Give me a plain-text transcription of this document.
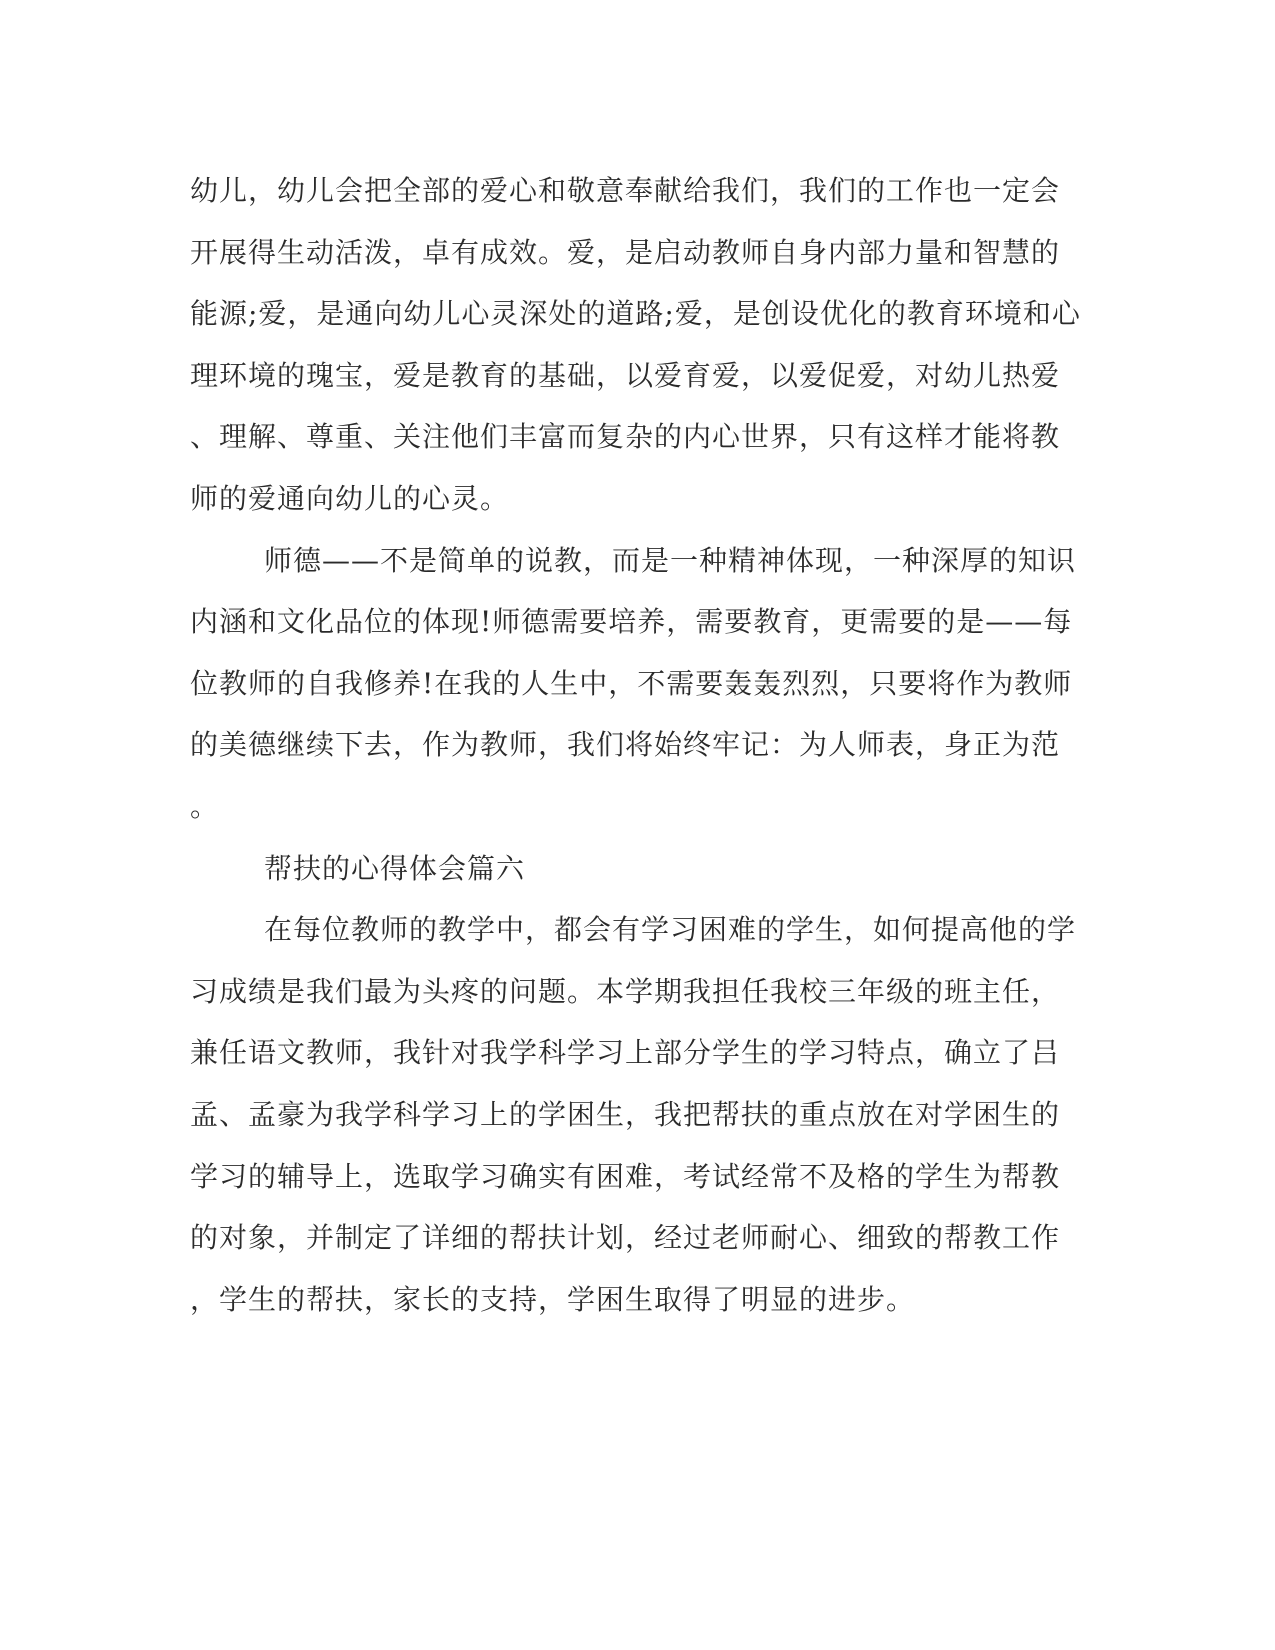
幼儿，幼儿会把全部的爱心和敬意奉献给我们，我们的工作也一定会
开展得生动活泼，卓有成效。爱，是启动教师自身内部力量和智慧的
能源;爱，是通向幼儿心灵深处的道路;爱，是创设优化的教育环境和心
理环境的瑰宝，爱是教育的基础，以爱育爱，以爱促爱，对幼儿热爱
、理解、尊重、关注他们丰富而复杂的内心世界，只有这样才能将教
师的爱通向幼儿的心灵。
师德——不是简单的说教，而是一种精神体现，一种深厚的知识
内涵和文化品位的体现!师德需要培养，需要教育，更需要的是——每
位教师的自我修养!在我的人生中，不需要轰轰烈烈，只要将作为教师
的美德继续下去，作为教师，我们将始终牢记：为人师表，身正为范
。
帮扶的心得体会篇六
在每位教师的教学中，都会有学习困难的学生，如何提高他的学
习成绩是我们最为头疼的问题。本学期我担任我校三年级的班主任，
兼任语文教师，我针对我学科学习上部分学生的学习特点，确立了吕
孟、孟豪为我学科学习上的学困生，我把帮扶的重点放在对学困生的
学习的辅导上，选取学习确实有困难，考试经常不及格的学生为帮教
的对象，并制定了详细的帮扶计划，经过老师耐心、细致的帮教工作
，学生的帮扶，家长的支持，学困生取得了明显的进步。
